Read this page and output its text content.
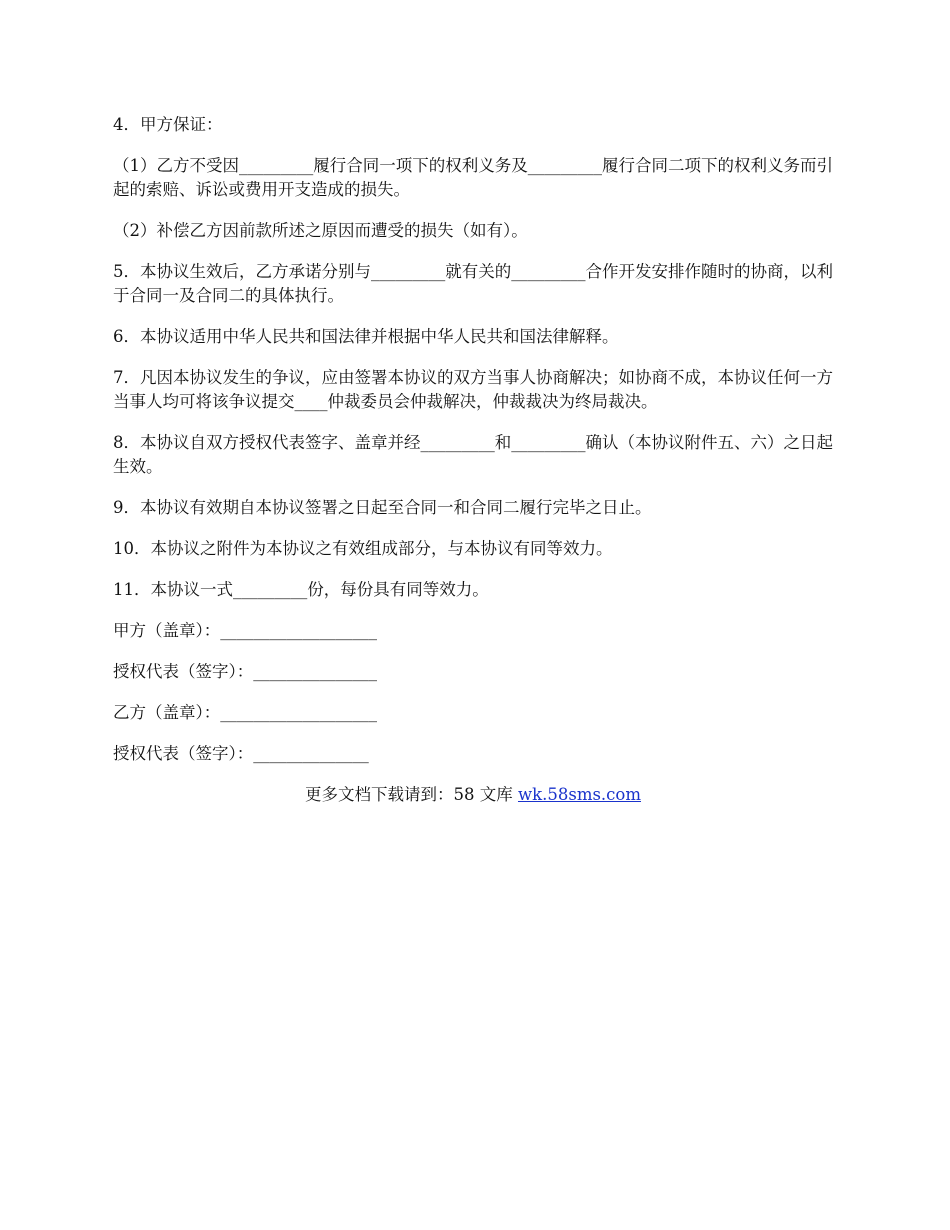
4．甲方保证：

（1）乙方不受因_________履行合同一项下的权利义务及_________履行合同二项下的权利义务而引起的索赔、诉讼或费用开支造成的损失。

（2）补偿乙方因前款所述之原因而遭受的损失（如有）。

5．本协议生效后，乙方承诺分别与_________就有关的_________合作开发安排作随时的协商，以利于合同一及合同二的具体执行。

6．本协议适用中华人民共和国法律并根据中华人民共和国法律解释。

7．凡因本协议发生的争议，应由签署本协议的双方当事人协商解决；如协商不成，本协议任何一方当事人均可将该争议提交____仲裁委员会仲裁解决，仲裁裁决为终局裁决。

8．本协议自双方授权代表签字、盖章并经_________和_________确认（本协议附件五、六）之日起生效。

9．本协议有效期自本协议签署之日起至合同一和合同二履行完毕之日止。

10．本协议之附件为本协议之有效组成部分，与本协议有同等效力。

11．本协议一式_________份，每份具有同等效力。

甲方（盖章）：___________________

授权代表（签字）：_______________

乙方（盖章）：___________________

授权代表（签字）：______________

更多文档下载请到：58 文库 wk.58sms.com
